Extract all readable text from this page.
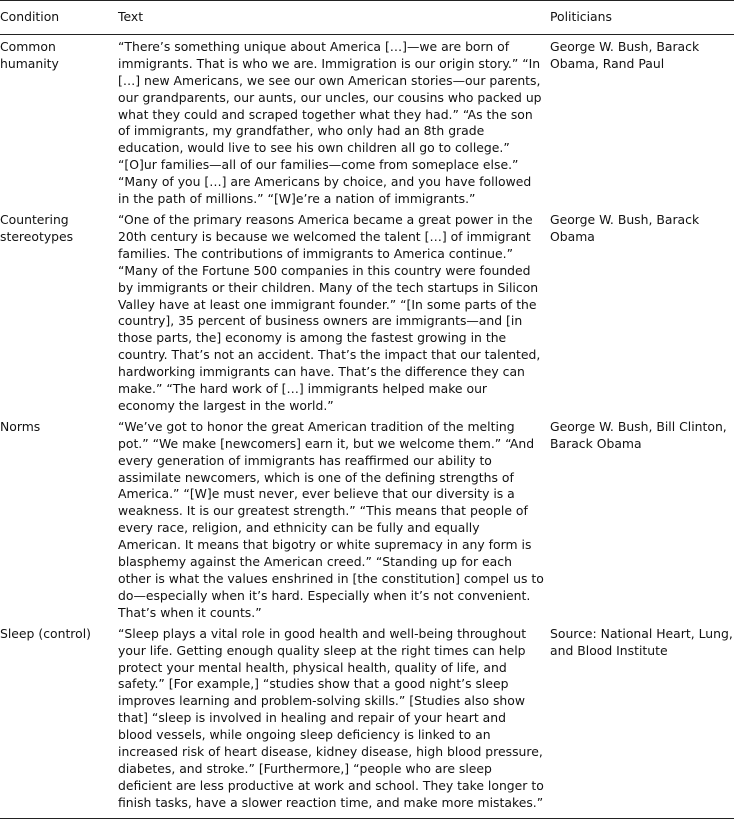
Condition	Text	Politicians
Common humanity	“There’s something unique about America […]—we are born of immigrants. That is who we are. Immigration is our origin story.” “In […] new Americans, we see our own American stories—our parents, our grandparents, our aunts, our uncles, our cousins who packed up what they could and scraped together what they had.” “As the son of immigrants, my grandfather, who only had an 8th grade education, would live to see his own children all go to college.” “[O]ur families—all of our families—come from someplace else.” “Many of you […] are Americans by choice, and you have followed in the path of millions.” “[W]e’re a nation of immigrants.”	George W. Bush, Barack Obama, Rand Paul
Countering stereotypes	“One of the primary reasons America became a great power in the 20th century is because we welcomed the talent […] of immigrant families. The contributions of immigrants to America continue.” “Many of the Fortune 500 companies in this country were founded by immigrants or their children. Many of the tech startups in Silicon Valley have at least one immigrant founder.” “[In some parts of the country], 35 percent of business owners are immigrants—and [in those parts, the] economy is among the fastest growing in the country. That’s not an accident. That’s the impact that our talented, hardworking immigrants can have. That’s the difference they can make.” “The hard work of […] immigrants helped make our economy the largest in the world.”	George W. Bush, Barack Obama
Norms	“We’ve got to honor the great American tradition of the melting pot.” “We make [newcomers] earn it, but we welcome them.” “And every generation of immigrants has reaffirmed our ability to assimilate newcomers, which is one of the defining strengths of America.” “[W]e must never, ever believe that our diversity is a weakness. It is our greatest strength.” “This means that people of every race, religion, and ethnicity can be fully and equally American. It means that bigotry or white supremacy in any form is blasphemy against the American creed.” “Standing up for each other is what the values enshrined in [the constitution] compel us to do—especially when it’s hard. Especially when it’s not convenient. That’s when it counts.”	George W. Bush, Bill Clinton, Barack Obama
Sleep (control)	“Sleep plays a vital role in good health and well-being throughout your life. Getting enough quality sleep at the right times can help protect your mental health, physical health, quality of life, and safety.” [For example,] “studies show that a good night’s sleep improves learning and problem-solving skills.” [Studies also show that] “sleep is involved in healing and repair of your heart and blood vessels, while ongoing sleep deficiency is linked to an increased risk of heart disease, kidney disease, high blood pressure, diabetes, and stroke.” [Furthermore,] “people who are sleep deficient are less productive at work and school. They take longer to finish tasks, have a slower reaction time, and make more mistakes.”	Source: National Heart, Lung, and Blood Institute
